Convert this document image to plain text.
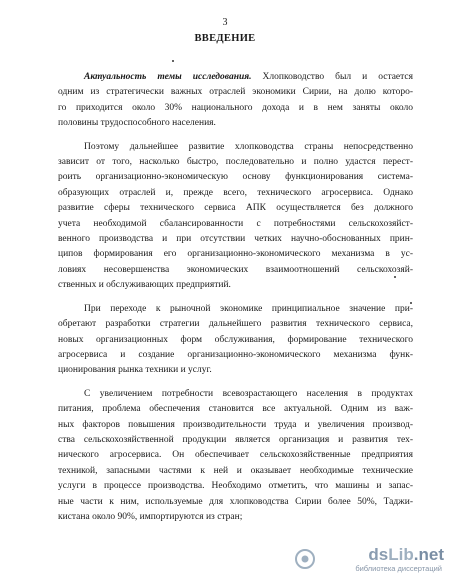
3
ВВЕДЕНИЕ
Актуальность темы исследования. Хлопководство был и остается
одним из стратегически важных отраслей экономики Сирии, на долю которо-
го приходится около 30% национального дохода и в нем заняты около
половины трудоспособного населения.
Поэтому дальнейшее развитие хлопководства страны непосредственно
зависит от того, насколько быстро, последовательно и полно удастся перест-
роить организационно-экономическую основу функционирования система-
образующих отраслей и, прежде всего, технического агросервиса. Однако
развитие сферы технического сервиса АПК осуществляется без должного
учета необходимой сбалансированности с потребностями сельскохозяйст-
венного производства и при отсутствии четких научно-обоснованных прин-
ципов формирования его организационно-экономического механизма в ус-
ловиях несовершенства экономических взаимоотношений сельскохозяй-
ственных и обслуживающих предприятий.
При переходе к рыночной экономике принципиальное значение при-
обретают разработки стратегии дальнейшего развития технического сервиса,
новых организационных форм обслуживания, формирование технического
агросервиса и создание организационно-экономического механизма функ-
ционирования рынка техники и услуг.
С увеличением потребности всевозрастающего населения в продуктах
питания, проблема обеспечения становится все актуальной. Одним из важ-
ных факторов повышения производительности труда и увеличения производ-
ства сельскохозяйственной продукции является организация и развития тех-
нического агросервиса. Он обеспечивает сельскохозяйственные предприятия
техникой, запасными частями к ней и оказывает необходимые технические
услуги в процессе производства. Необходимо отметить, что машины и запас-
ные части к ним, используемые для хлопководства Сирии более 50%, Таджи-
кистана около 90%, импортируются из стран;
dsLib.net
библиотека диссертаций
